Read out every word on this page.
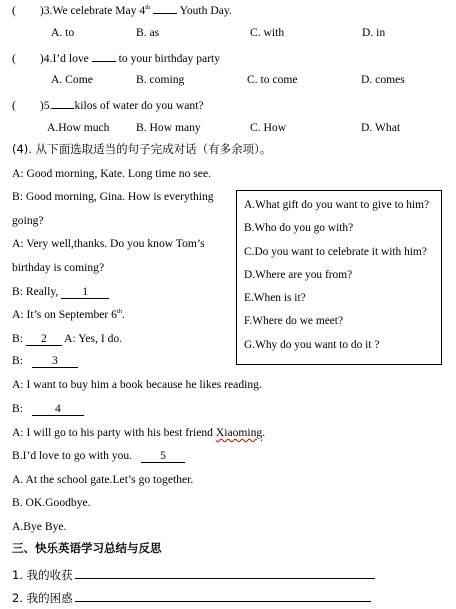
( )3.We celebrate May 4th	Youth Day.
A. to	B. as	C. with	D. in
( )4.I’d love	to your birthday party
A. Come	B. coming	C. to come	D. comes
( )5. kilos of water do you want?
A.How much B. How many	C. How	D. What
(4). 从下面选取适当的句子完成对话（有多余项）。
A: Good morning, Kate. Long time no see.
B: Good morning, Gina. How is everything
going?
A: Very well,thanks. Do you know Tom’s
birthday is coming?
B: Really, 1
A: It’s on September 6th.
B: 2 A: Yes, I do.
B:	3
A: I want to buy him a book because he likes reading.
B:	4
A: I will go to his party with his best friend Xiaoming.
B.I’d love to go with you. 5
A. At the school gate.Let’s go together.
B. OK.Goodbye.
A.Bye Bye.
A.What gift do you want to give to him?
B.Who do you go with?
C.Do you want to celebrate it with him?
D.Where are you from?
E.When is it?
F.Where do we meet?
G.Why do you want to do it ?
三、快乐英语学习总结与反思
1. 我的收获
2. 我的困惑
